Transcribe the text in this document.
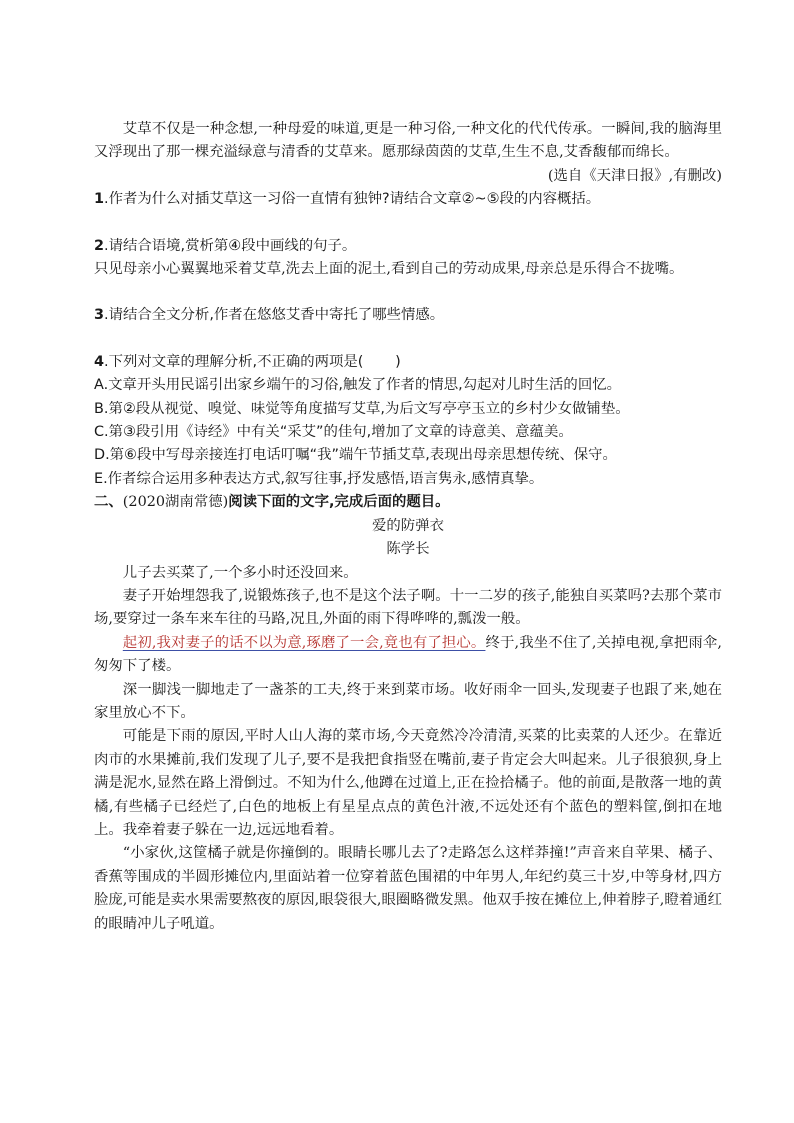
艾草不仅是一种念想,一种母爱的味道,更是一种习俗,一种文化的代代传承。一瞬间,我的脑海里又浮现出了那一棵充溢绿意与清香的艾草来。愿那绿茵茵的艾草,生生不息,艾香馥郁而绵长。

(选自《天津日报》,有删改)

1.作者为什么对插艾草这一习俗一直情有独钟?请结合文章②~⑤段的内容概括。

2.请结合语境,赏析第④段中画线的句子。

只见母亲小心翼翼地采着艾草,洗去上面的泥土,看到自己的劳动成果,母亲总是乐得合不拢嘴。

3.请结合全文分析,作者在悠悠艾香中寄托了哪些情感。

4.下列对文章的理解分析,不正确的两项是( )

A.文章开头用民谣引出家乡端午的习俗,触发了作者的情思,勾起对儿时生活的回忆。

B.第②段从视觉、嗅觉、味觉等角度描写艾草,为后文写亭亭玉立的乡村少女做铺垫。

C.第③段引用《诗经》中有关“采艾”的佳句,增加了文章的诗意美、意蕴美。

D.第⑥段中写母亲接连打电话叮嘱“我”端午节插艾草,表现出母亲思想传统、保守。

E.作者综合运用多种表达方式,叙写往事,抒发感悟,语言隽永,感情真挚。

二、(2020湖南常德)阅读下面的文字,完成后面的题目。

爱的防弹衣

陈学长

儿子去买菜了,一个多小时还没回来。

妻子开始埋怨我了,说锻炼孩子,也不是这个法子啊。十一二岁的孩子,能独自买菜吗?去那个菜市场,要穿过一条车来车往的马路,况且,外面的雨下得哗哗的,瓢泼一般。

起初,我对妻子的话不以为意,琢磨了一会,竟也有了担心。终于,我坐不住了,关掉电视,拿把雨伞,匆匆下了楼。

深一脚浅一脚地走了一盏茶的工夫,终于来到菜市场。收好雨伞一回头,发现妻子也跟了来,她在家里放心不下。

可能是下雨的原因,平时人山人海的菜市场,今天竟然冷冷清清,买菜的比卖菜的人还少。在靠近肉市的水果摊前,我们发现了儿子,要不是我把食指竖在嘴前,妻子肯定会大叫起来。儿子很狼狈,身上满是泥水,显然在路上滑倒过。不知为什么,他蹲在过道上,正在捡拾橘子。他的前面,是散落一地的黄橘,有些橘子已经烂了,白色的地板上有星星点点的黄色汁液,不远处还有个蓝色的塑料筐,倒扣在地上。我牵着妻子躲在一边,远远地看着。

“小家伙,这筐橘子就是你撞倒的。眼睛长哪儿去了?走路怎么这样莽撞!”声音来自苹果、橘子、香蕉等围成的半圆形摊位内,里面站着一位穿着蓝色围裙的中年男人,年纪约莫三十岁,中等身材,四方脸庞,可能是卖水果需要熬夜的原因,眼袋很大,眼圈略微发黑。他双手按在摊位上,伸着脖子,瞪着通红的眼睛冲儿子吼道。
